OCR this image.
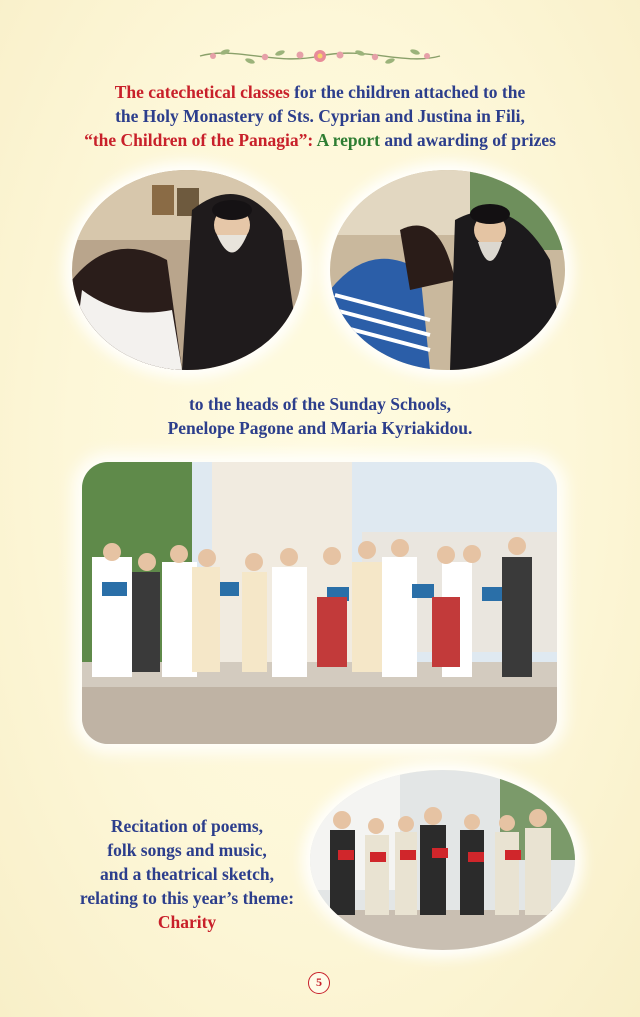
The catechetical classes for the children attached to the
the Holy Monastery of Sts. Cyprian and Justina in Fili,
“the Children of the Panagia”: A report and awarding of prizes

to the heads of the Sunday Schools,
Penelope Pagone and Maria Kyriakidou.
Recitation of poems,
folk songs and music,
and a theatrical sketch,
relating to this year’s theme:
Charity
5
